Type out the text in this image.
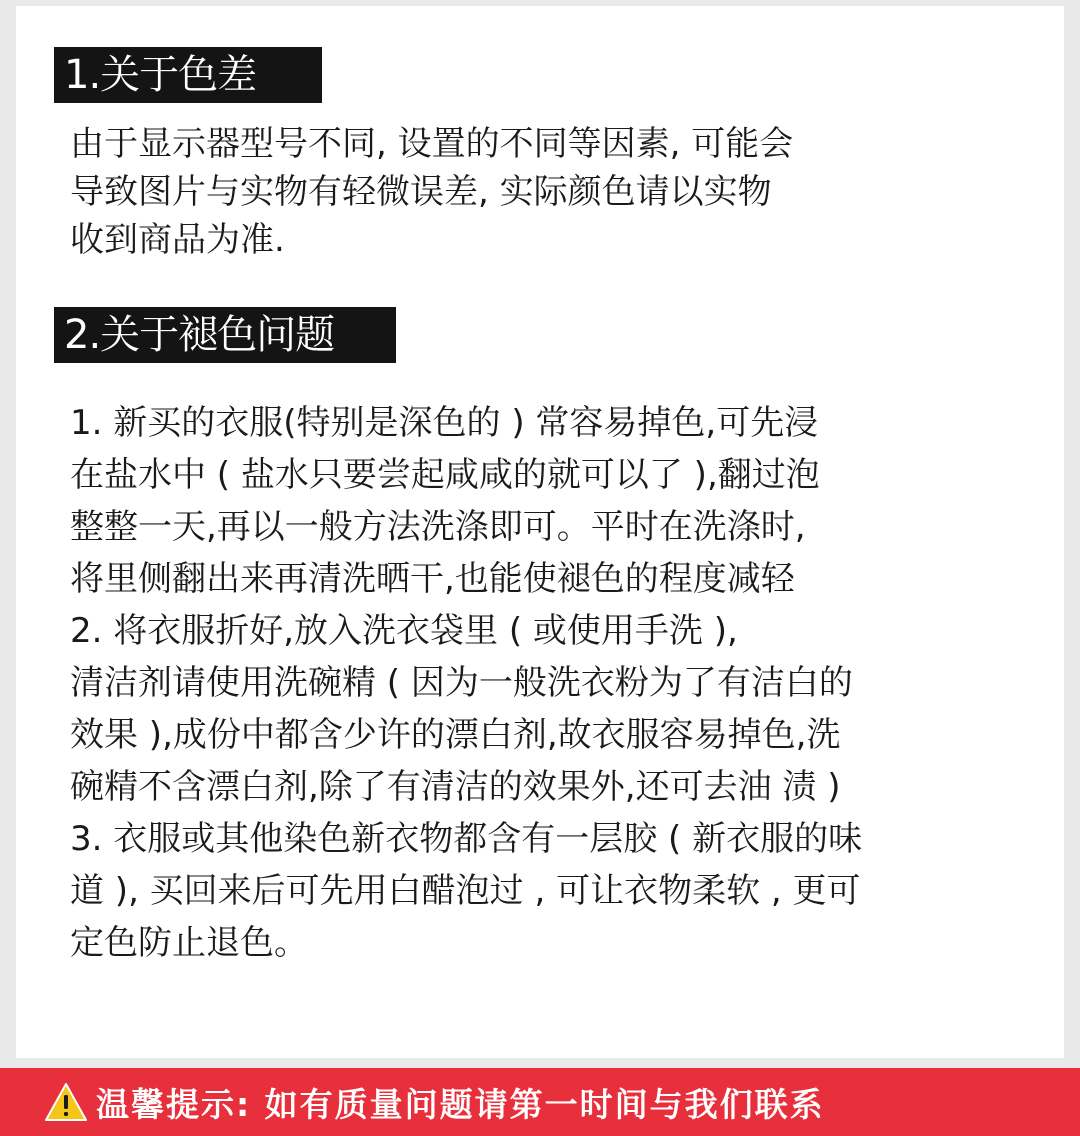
1.关于色差
由于显示器型号不同, 设置的不同等因素, 可能会
导致图片与实物有轻微误差, 实际颜色请以实物
收到商品为准.
2.关于褪色问题
1. 新买的衣服(特别是深色的 ) 常容易掉色,可先浸
在盐水中 ( 盐水只要尝起咸咸的就可以了 ),翻过泡
整整一天,再以一般方法洗涤即可。平时在洗涤时,
将里侧翻出来再清洗晒干,也能使褪色的程度减轻
2. 将衣服折好,放入洗衣袋里 ( 或使用手洗 ),
清洁剂请使用洗碗精 ( 因为一般洗衣粉为了有洁白的
效果 ),成份中都含少许的漂白剂,故衣服容易掉色,洗
碗精不含漂白剂,除了有清洁的效果外,还可去油 渍 )
3. 衣服或其他染色新衣物都含有一层胶 ( 新衣服的味
道 ), 买回来后可先用白醋泡过 , 可让衣物柔软 , 更可
定色防止退色。
温馨提示: 如有质量问题请第一时间与我们联系
